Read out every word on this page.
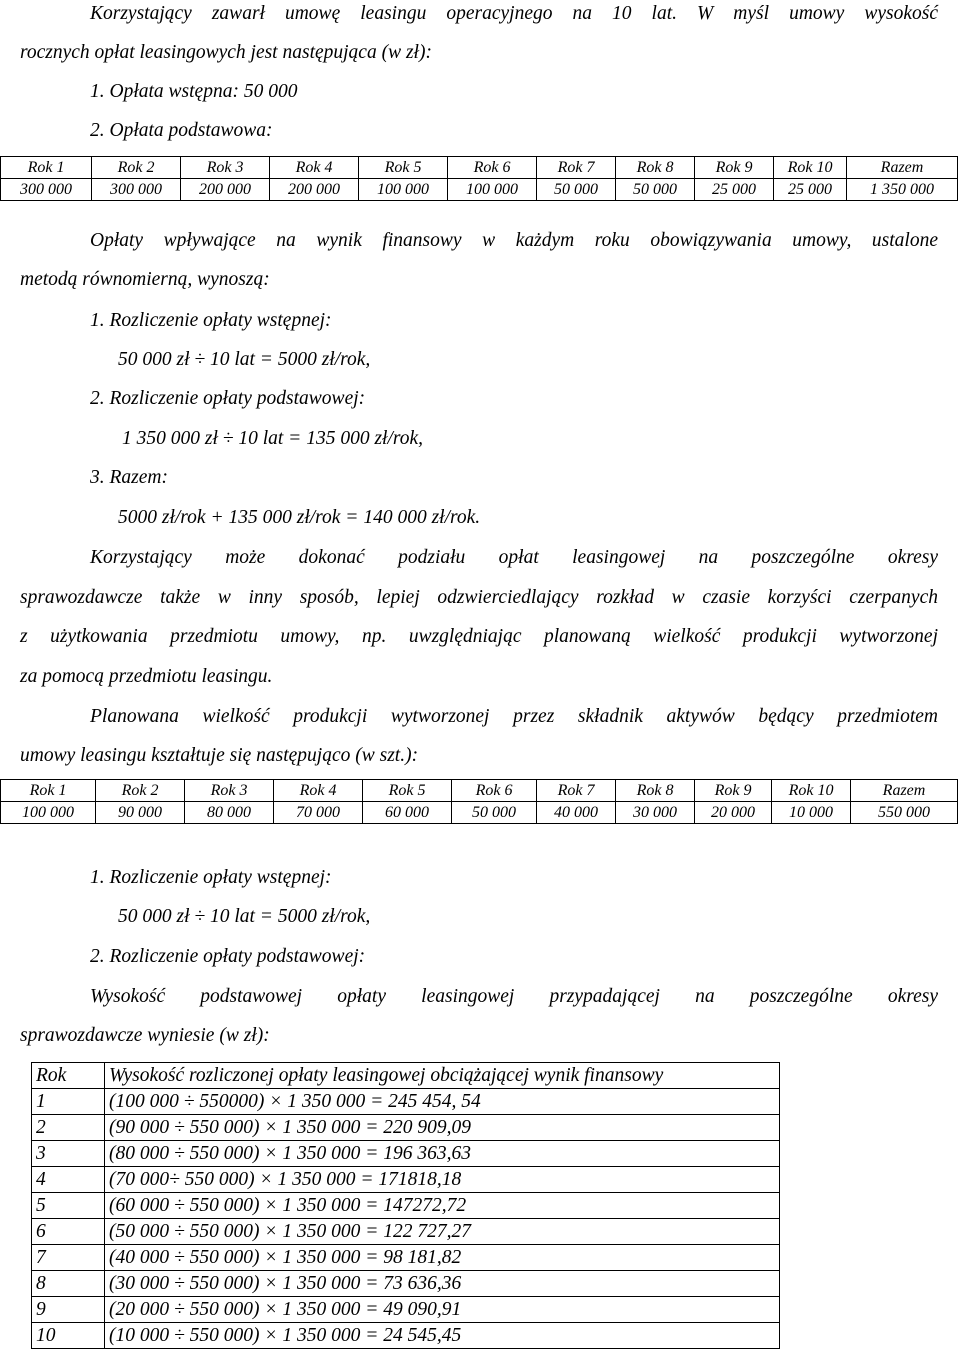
Korzystający zawarł umowę leasingu operacyjnego na 10 lat. W myśl umowy wysokość
rocznych opłat leasingowych jest następująca (w zł):
1. Opłata wstępna: 50 000
2. Opłata podstawowa:
Rok 1	Rok 2	Rok 3	Rok 4	Rok 5	Rok 6	Rok 7	Rok 8	Rok 9	Rok 10	Razem
300 000	300 000	200 000	200 000	100 000	100 000	50 000	50 000	25 000	25 000	1 350 000
Opłaty wpływające na wynik finansowy w każdym roku obowiązywania umowy, ustalone
metodą równomierną, wynoszą:
1. Rozliczenie opłaty wstępnej:
50 000 zł ÷ 10 lat = 5000 zł/rok,
2. Rozliczenie opłaty podstawowej:
1 350 000 zł ÷ 10 lat = 135 000 zł/rok,
3. Razem:
5000 zł/rok + 135 000 zł/rok = 140 000 zł/rok.
Korzystający może dokonać podziału opłat leasingowej na poszczególne okresy
sprawozdawcze także w inny sposób, lepiej odzwierciedlający rozkład w czasie korzyści czerpanych
z użytkowania przedmiotu umowy, np. uwzględniając planowaną wielkość produkcji wytworzonej
za pomocą przedmiotu leasingu.
Planowana wielkość produkcji wytworzonej przez składnik aktywów będący przedmiotem
umowy leasingu kształtuje się następująco (w szt.):
Rok 1	Rok 2	Rok 3	Rok 4	Rok 5	Rok 6	Rok 7	Rok 8	Rok 9	Rok 10	Razem
100 000	90 000	80 000	70 000	60 000	50 000	40 000	30 000	20 000	10 000	550 000
1. Rozliczenie opłaty wstępnej:
50 000 zł ÷ 10 lat = 5000 zł/rok,
2. Rozliczenie opłaty podstawowej:
Wysokość podstawowej opłaty leasingowej przypadającej na poszczególne okresy
sprawozdawcze wyniesie (w zł):
Rok	Wysokość rozliczonej opłaty leasingowej obciążającej wynik finansowy
1	(100 000 ÷ 550000) × 1 350 000 = 245 454, 54
2	(90 000 ÷ 550 000) × 1 350 000 = 220 909,09
3	(80 000 ÷ 550 000) × 1 350 000 = 196 363,63
4	(70 000÷ 550 000) × 1 350 000 = 171818,18
5	(60 000 ÷ 550 000) × 1 350 000 = 147272,72
6	(50 000 ÷ 550 000) × 1 350 000 = 122 727,27
7	(40 000 ÷ 550 000) × 1 350 000 = 98 181,82
8	(30 000 ÷ 550 000) × 1 350 000 = 73 636,36
9	(20 000 ÷ 550 000) × 1 350 000 = 49 090,91
10	(10 000 ÷ 550 000) × 1 350 000 = 24 545,45
